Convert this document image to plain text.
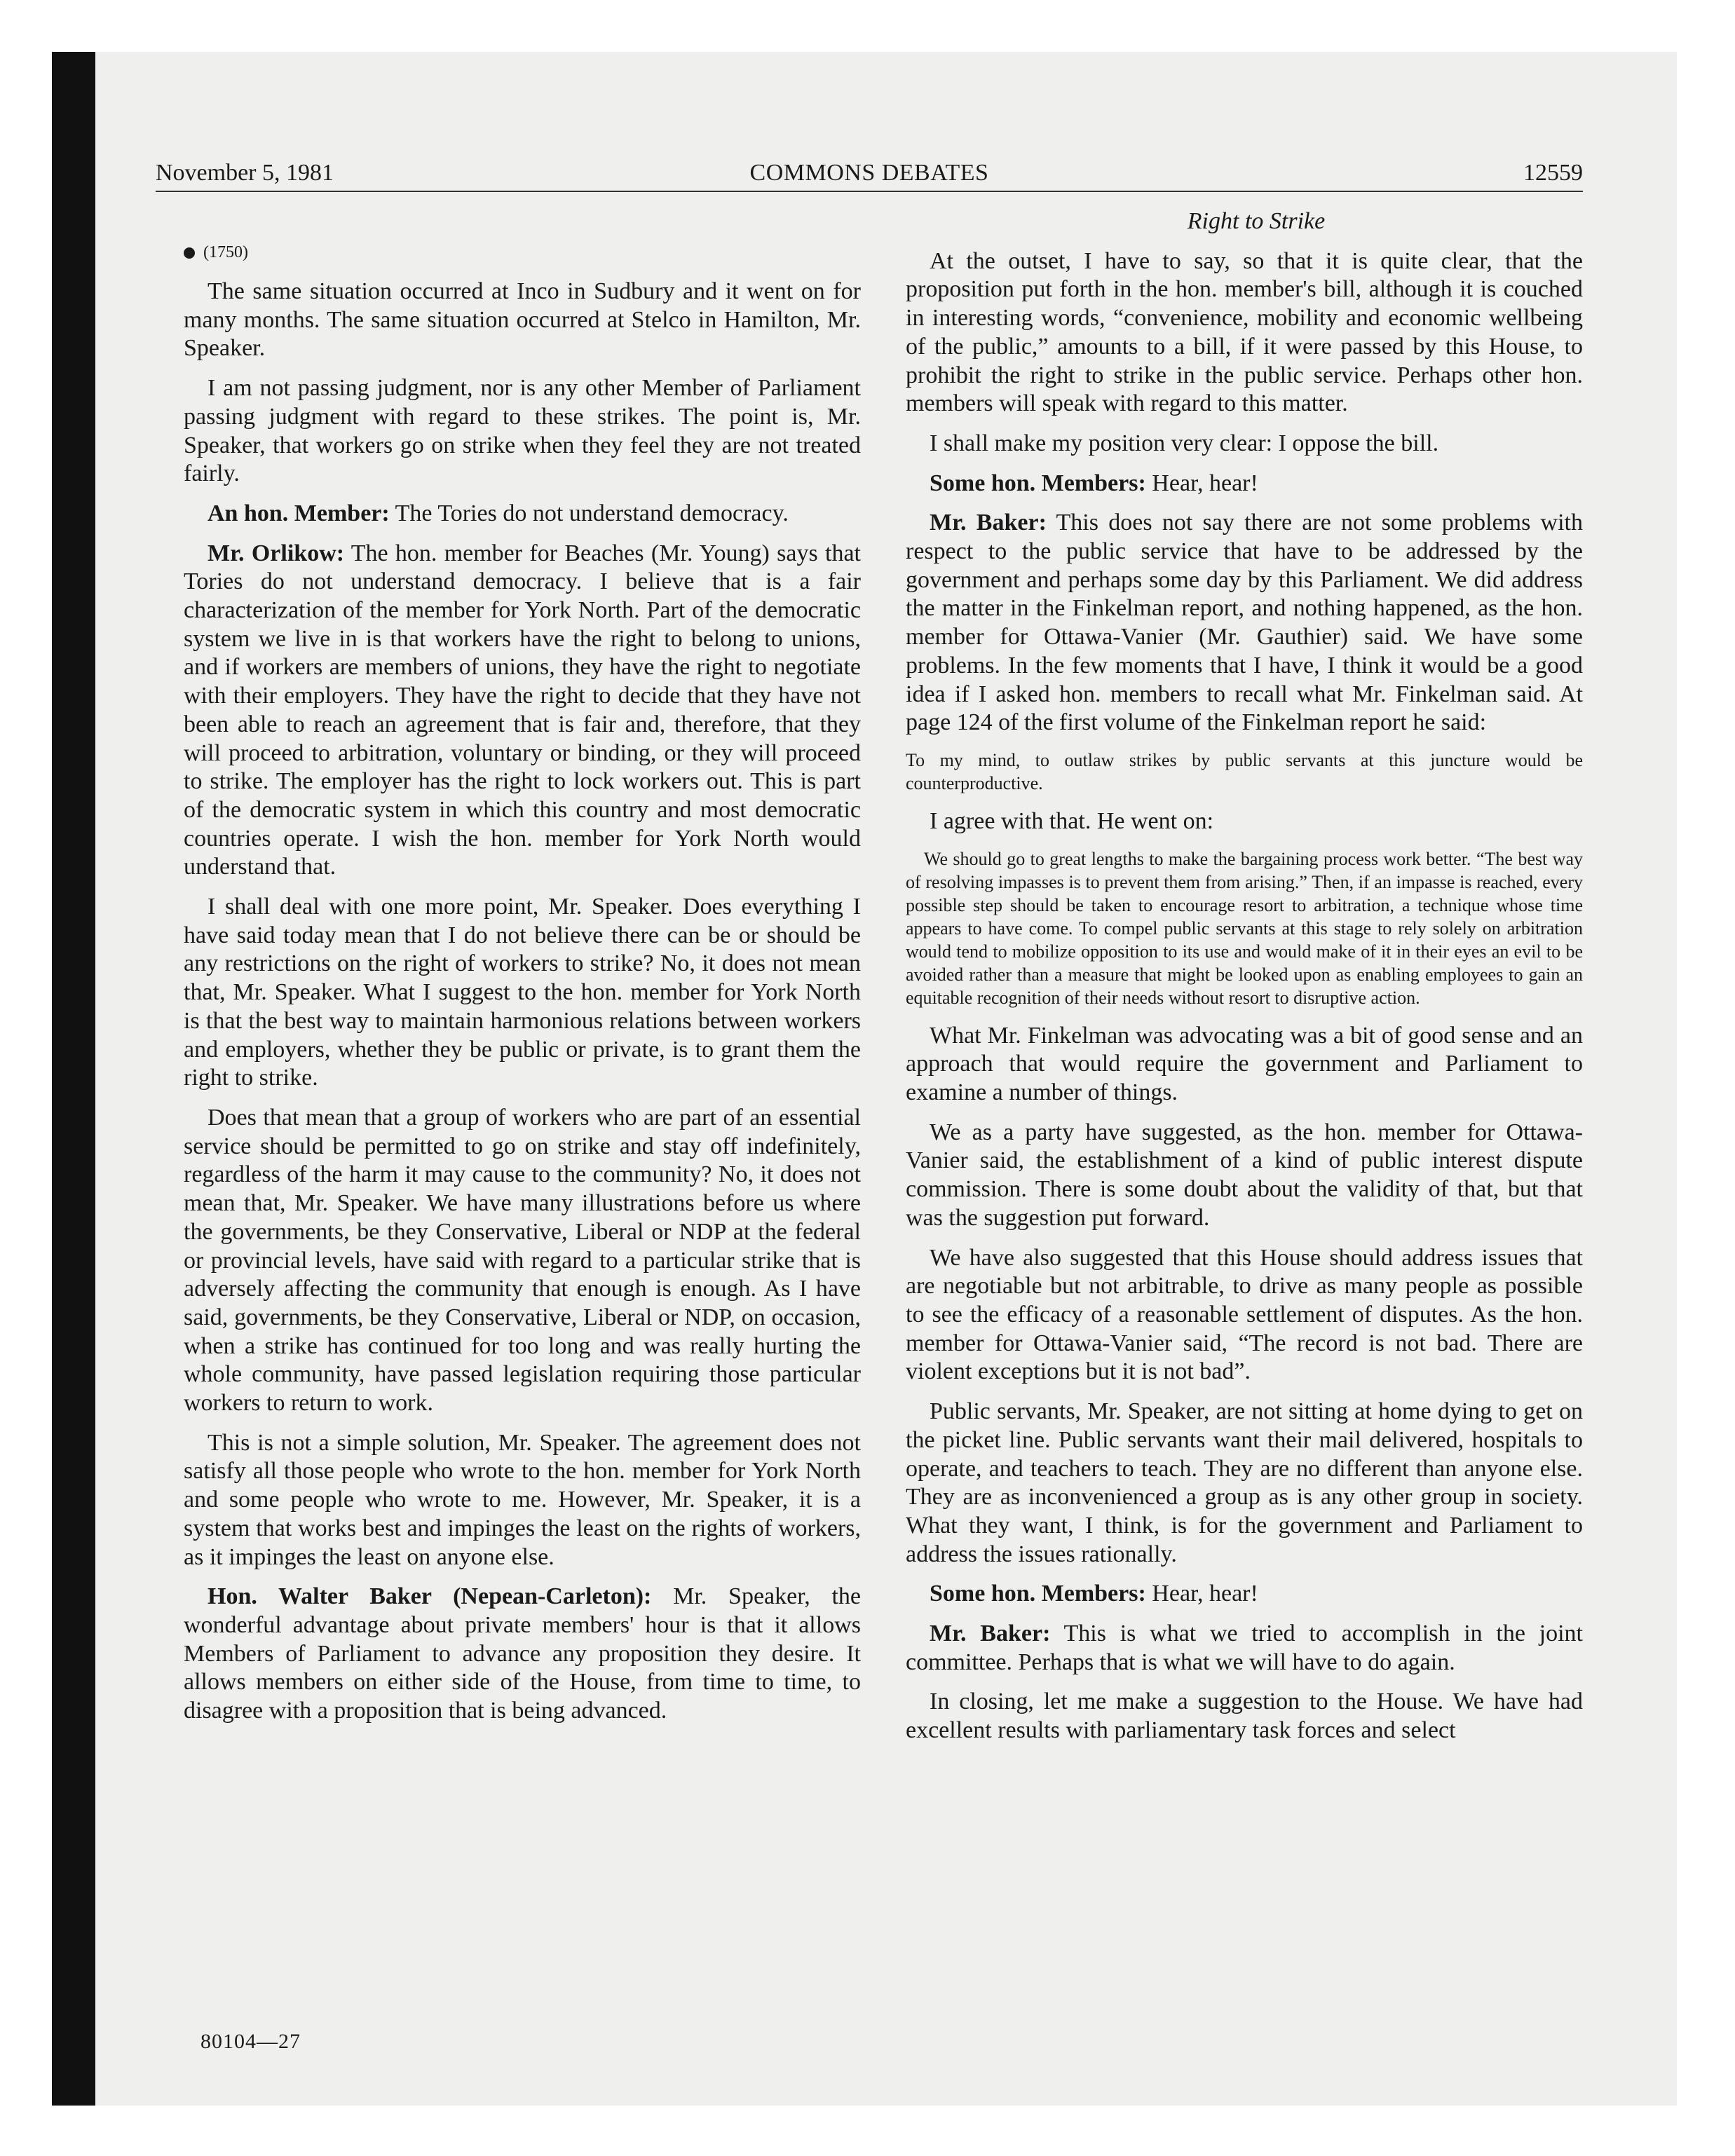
November 5, 1981	COMMONS DEBATES	12559
(1750)

The same situation occurred at Inco in Sudbury and it went on for many months. The same situation occurred at Stelco in Hamilton, Mr. Speaker.

I am not passing judgment, nor is any other Member of Parliament passing judgment with regard to these strikes. The point is, Mr. Speaker, that workers go on strike when they feel they are not treated fairly.

An hon. Member: The Tories do not understand democracy.

Mr. Orlikow: The hon. member for Beaches (Mr. Young) says that Tories do not understand democracy. I believe that is a fair characterization of the member for York North. Part of the democratic system we live in is that workers have the right to belong to unions, and if workers are members of unions, they have the right to negotiate with their employers. They have the right to decide that they have not been able to reach an agreement that is fair and, therefore, that they will proceed to arbitration, voluntary or binding, or they will proceed to strike. The employer has the right to lock workers out. This is part of the democratic system in which this country and most democratic countries operate. I wish the hon. member for York North would understand that.

I shall deal with one more point, Mr. Speaker. Does everything I have said today mean that I do not believe there can be or should be any restrictions on the right of workers to strike? No, it does not mean that, Mr. Speaker. What I suggest to the hon. member for York North is that the best way to maintain harmonious relations between workers and employers, whether they be public or private, is to grant them the right to strike.

Does that mean that a group of workers who are part of an essential service should be permitted to go on strike and stay off indefinitely, regardless of the harm it may cause to the community? No, it does not mean that, Mr. Speaker. We have many illustrations before us where the governments, be they Conservative, Liberal or NDP at the federal or provincial levels, have said with regard to a particular strike that is adversely affecting the community that enough is enough. As I have said, governments, be they Conservative, Liberal or NDP, on occasion, when a strike has continued for too long and was really hurting the whole community, have passed legislation requiring those particular workers to return to work.

This is not a simple solution, Mr. Speaker. The agreement does not satisfy all those people who wrote to the hon. member for York North and some people who wrote to me. However, Mr. Speaker, it is a system that works best and impinges the least on the rights of workers, as it impinges the least on anyone else.

Hon. Walter Baker (Nepean-Carleton): Mr. Speaker, the wonderful advantage about private members' hour is that it allows Members of Parliament to advance any proposition they desire. It allows members on either side of the House, from time to time, to disagree with a proposition that is being advanced.

Right to Strike

At the outset, I have to say, so that it is quite clear, that the proposition put forth in the hon. member's bill, although it is couched in interesting words, “convenience, mobility and economic wellbeing of the public,” amounts to a bill, if it were passed by this House, to prohibit the right to strike in the public service. Perhaps other hon. members will speak with regard to this matter.

I shall make my position very clear: I oppose the bill.

Some hon. Members: Hear, hear!

Mr. Baker: This does not say there are not some problems with respect to the public service that have to be addressed by the government and perhaps some day by this Parliament. We did address the matter in the Finkelman report, and nothing happened, as the hon. member for Ottawa-Vanier (Mr. Gauthier) said. We have some problems. In the few moments that I have, I think it would be a good idea if I asked hon. members to recall what Mr. Finkelman said. At page 124 of the first volume of the Finkelman report he said:

To my mind, to outlaw strikes by public servants at this juncture would be counterproductive.

I agree with that. He went on:

We should go to great lengths to make the bargaining process work better. “The best way of resolving impasses is to prevent them from arising.” Then, if an impasse is reached, every possible step should be taken to encourage resort to arbitration, a technique whose time appears to have come. To compel public servants at this stage to rely solely on arbitration would tend to mobilize opposition to its use and would make of it in their eyes an evil to be avoided rather than a measure that might be looked upon as enabling employees to gain an equitable recognition of their needs without resort to disruptive action.

What Mr. Finkelman was advocating was a bit of good sense and an approach that would require the government and Parliament to examine a number of things.

We as a party have suggested, as the hon. member for Ottawa-Vanier said, the establishment of a kind of public interest dispute commission. There is some doubt about the validity of that, but that was the suggestion put forward.

We have also suggested that this House should address issues that are negotiable but not arbitrable, to drive as many people as possible to see the efficacy of a reasonable settlement of disputes. As the hon. member for Ottawa-Vanier said, “The record is not bad. There are violent exceptions but it is not bad”.

Public servants, Mr. Speaker, are not sitting at home dying to get on the picket line. Public servants want their mail delivered, hospitals to operate, and teachers to teach. They are no different than anyone else. They are as inconvenienced a group as is any other group in society. What they want, I think, is for the government and Parliament to address the issues rationally.

Some hon. Members: Hear, hear!

Mr. Baker: This is what we tried to accomplish in the joint committee. Perhaps that is what we will have to do again.

In closing, let me make a suggestion to the House. We have had excellent results with parliamentary task forces and select

80104—27
